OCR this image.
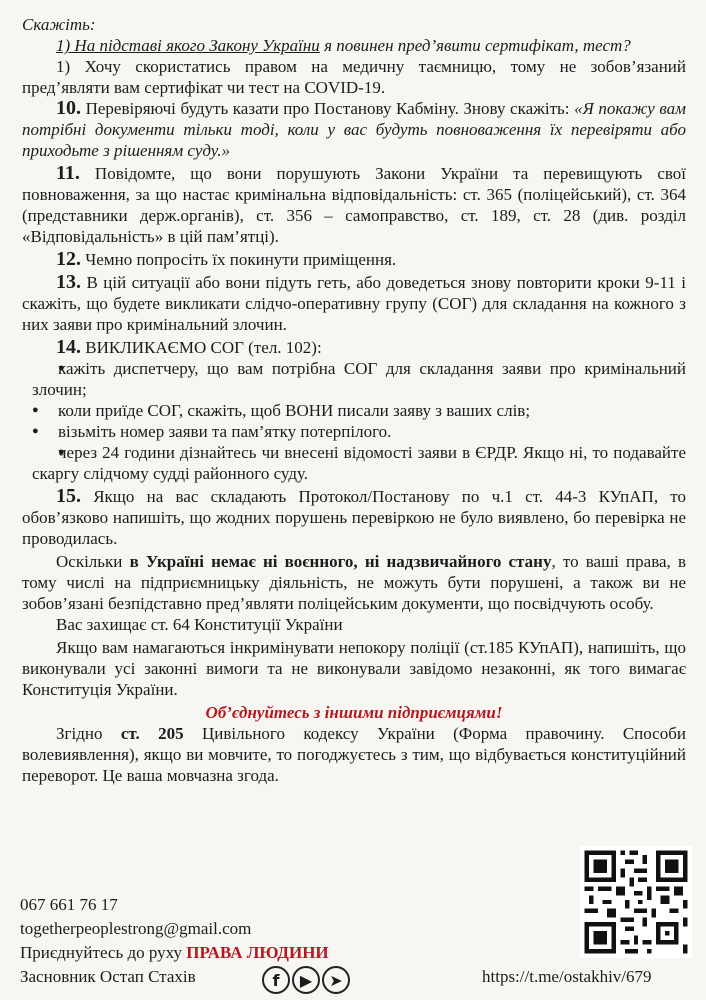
Скажіть:

1) На підставі якого Закону України я повинен пред’явити сертифікат, тест?

1) Хочу скористатись правом на медичну таємницю, тому не зобов’язаний пред’являти вам сертифікат чи тест на COVID-19.

10. Перевіряючі будуть казати про Постанову Кабміну. Знову скажіть: «Я покажу вам потрібні документи тільки тоді, коли у вас будуть повноваження їх перевіряти або приходьте з рішенням суду.»

11. Повідомте, що вони порушують Закони України та перевищують свої повноваження, за що настає кримінальна відповідальність: ст. 365 (поліцейський), ст. 364 (представники держ.органів), ст. 356 – самоправство, ст. 189, ст. 28 (див. розділ «Відповідальність» в цій пам’ятці).

12. Чемно попросіть їх покинути приміщення.

13. В цій ситуації або вони підуть геть, або доведеться знову повторити кроки 9-11 і скажіть, що будете викликати слідчо-оперативну групу (СОГ) для складання на кожного з них заяви про кримінальний злочин.

14. ВИКЛИКАЄМО СОГ (тел. 102):

● кажіть диспетчеру, що вам потрібна СОГ для складання заяви про кримінальний злочин;
● коли приїде СОГ, скажіть, щоб ВОНИ писали заяву з ваших слів;
● візьміть номер заяви та пам’ятку потерпілого.
● через 24 години дізнайтесь чи внесені відомості заяви в ЄРДР. Якщо ні, то подавайте скаргу слідчому судді районного суду.

15. Якщо на вас складають Протокол/Постанову по ч.1 ст. 44-3 КУпАП, то обов’язково напишіть, що жодних порушень перевіркою не було виявлено, бо перевірка не проводилась.

Оскільки в Україні немає ні воєнного, ні надзвичайного стану, то ваші права, в тому числі на підприємницьку діяльність, не можуть бути порушені, а також ви не зобов’язані безпідставно пред’являти поліцейським документи, що посвідчують особу.

Вас захищає ст. 64 Конституції України

Якщо вам намагаються інкримінувати непокору поліції (ст.185 КУпАП), напишіть, що виконували усі законні вимоги та не виконували завідомо незаконні, як того вимагає Конституція України.

Об’єднуйтесь з іншими підприємцями!

Згідно ст. 205 Цивільного кодексу України (Форма правочину. Способи волевиявлення), якщо ви мовчите, то погоджуєтесь з тим, що відбувається конституційний переворот. Це ваша мовчазна згода.

067 661 76 17
togetherpeoplestrong@gmail.com
Приєднуйтесь до руху ПРАВА ЛЮДИНИ
Засновник Остап Стахів	f	▶	➤	https://t.me/ostakhiv/679
